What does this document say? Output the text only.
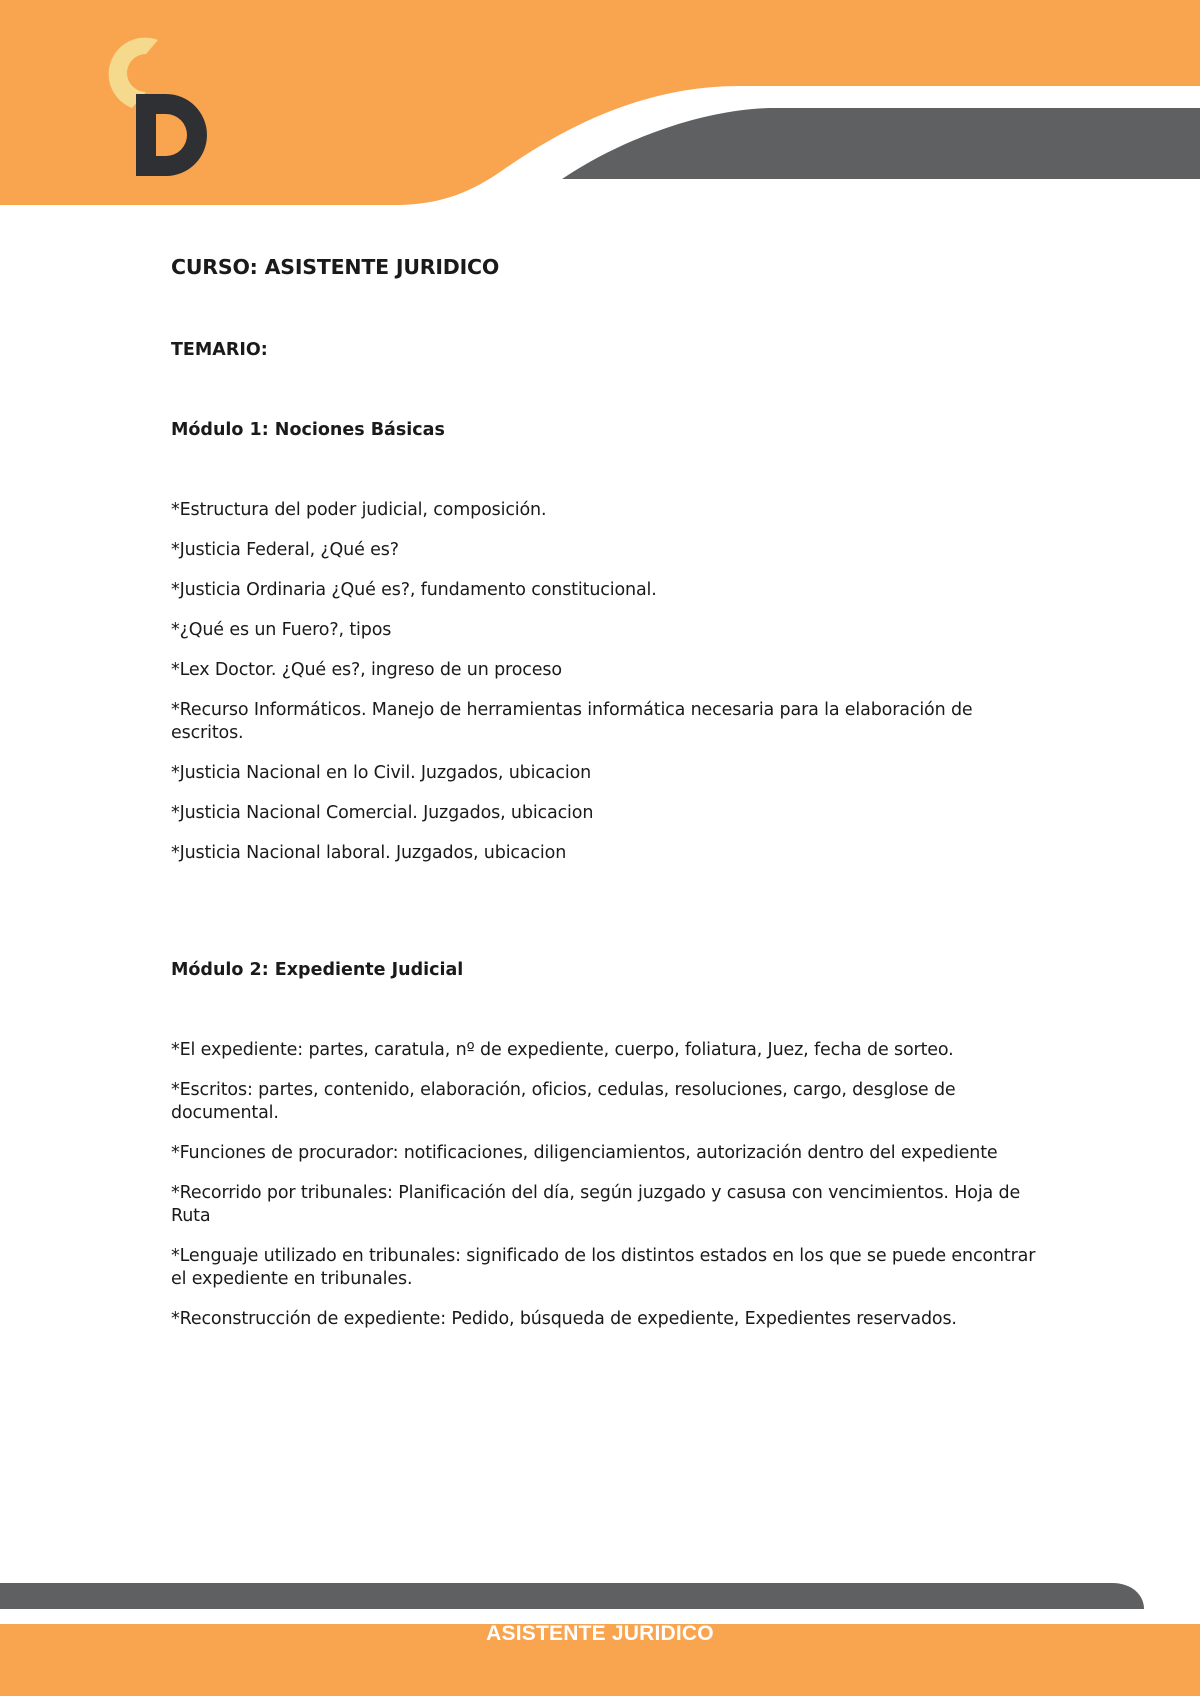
CURSO: ASISTENTE JURIDICO

TEMARIO:

Módulo 1: Nociones Básicas
*Estructura del poder judicial, composición.
*Justicia Federal, ¿Qué es?
*Justicia Ordinaria ¿Qué es?, fundamento constitucional.
*¿Qué es un Fuero?, tipos
*Lex Doctor. ¿Qué es?, ingreso de un proceso
*Recurso Informáticos. Manejo de herramientas informática necesaria para la elaboración de escritos.
*Justicia Nacional en lo Civil. Juzgados, ubicacion
*Justicia Nacional Comercial. Juzgados, ubicacion
*Justicia Nacional laboral. Juzgados, ubicacion
Módulo 2: Expediente Judicial
*El expediente: partes, caratula, nº de expediente, cuerpo, foliatura, Juez, fecha de sorteo.
*Escritos: partes, contenido, elaboración, oficios, cedulas, resoluciones, cargo, desglose de documental.
*Funciones de procurador: notificaciones, diligenciamientos, autorización dentro del expediente
*Recorrido por tribunales: Planificación del día, según juzgado y casusa con vencimientos. Hoja de Ruta
*Lenguaje utilizado en tribunales: significado de los distintos estados en los que se puede encontrar el expediente en tribunales.
*Reconstrucción de expediente: Pedido, búsqueda de expediente, Expedientes reservados.
ASISTENTE JURÍDICO
